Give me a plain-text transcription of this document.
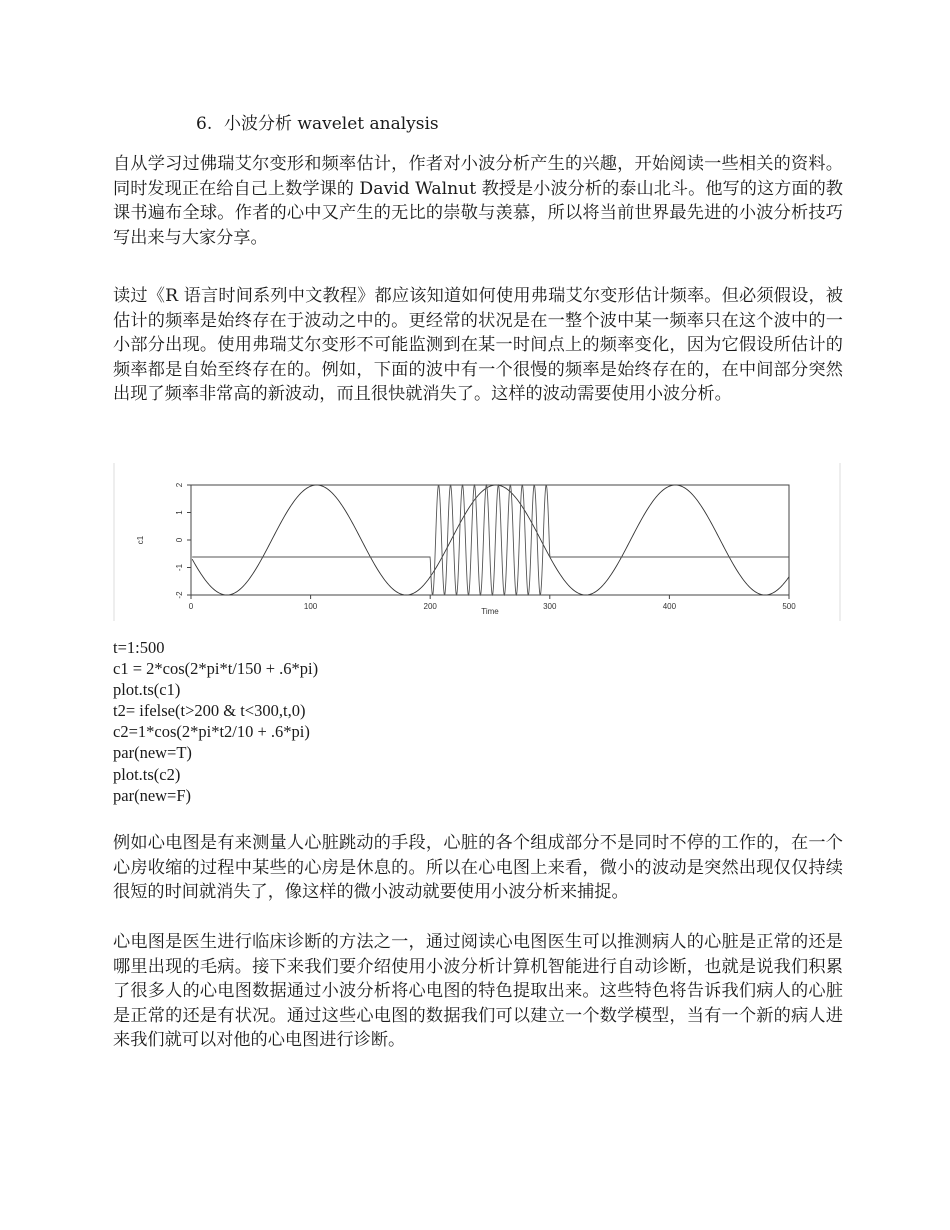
6. 小波分析 wavelet analysis

自从学习过佛瑞艾尔变形和频率估计，作者对小波分析产生的兴趣，开始阅读一些相关的资料。同时发现正在给自己上数学课的 David Walnut 教授是小波分析的泰山北斗。他写的这方面的教课书遍布全球。作者的心中又产生的无比的崇敬与羡慕，所以将当前世界最先进的小波分析技巧写出来与大家分享。

读过《R 语言时间系列中文教程》都应该知道如何使用弗瑞艾尔变形估计频率。但必须假设，被估计的频率是始终存在于波动之中的。更经常的状况是在一整个波中某一频率只在这个波中的一小部分出现。使用弗瑞艾尔变形不可能监测到在某一时间点上的频率变化，因为它假设所估计的频率都是自始至终存在的。例如，下面的波中有一个很慢的频率是始终存在的，在中间部分突然出现了频率非常高的新波动，而且很快就消失了。这样的波动需要使用小波分析。

0	100	200	300	400	500
-2
-1
0
1
2
Time
c1
t=1:500
c1 = 2*cos(2*pi*t/150 + .6*pi)
plot.ts(c1)
t2= ifelse(t>200 & t<300,t,0)
c2=1*cos(2*pi*t2/10 + .6*pi)
par(new=T)
plot.ts(c2)
par(new=F)

例如心电图是有来测量人心脏跳动的手段，心脏的各个组成部分不是同时不停的工作的，在一个心房收缩的过程中某些的心房是休息的。所以在心电图上来看，微小的波动是突然出现仅仅持续很短的时间就消失了，像这样的微小波动就要使用小波分析来捕捉。

心电图是医生进行临床诊断的方法之一，通过阅读心电图医生可以推测病人的心脏是正常的还是哪里出现的毛病。接下来我们要介绍使用小波分析计算机智能进行自动诊断，也就是说我们积累了很多人的心电图数据通过小波分析将心电图的特色提取出来。这些特色将告诉我们病人的心脏是正常的还是有状况。通过这些心电图的数据我们可以建立一个数学模型，当有一个新的病人进来我们就可以对他的心电图进行诊断。
